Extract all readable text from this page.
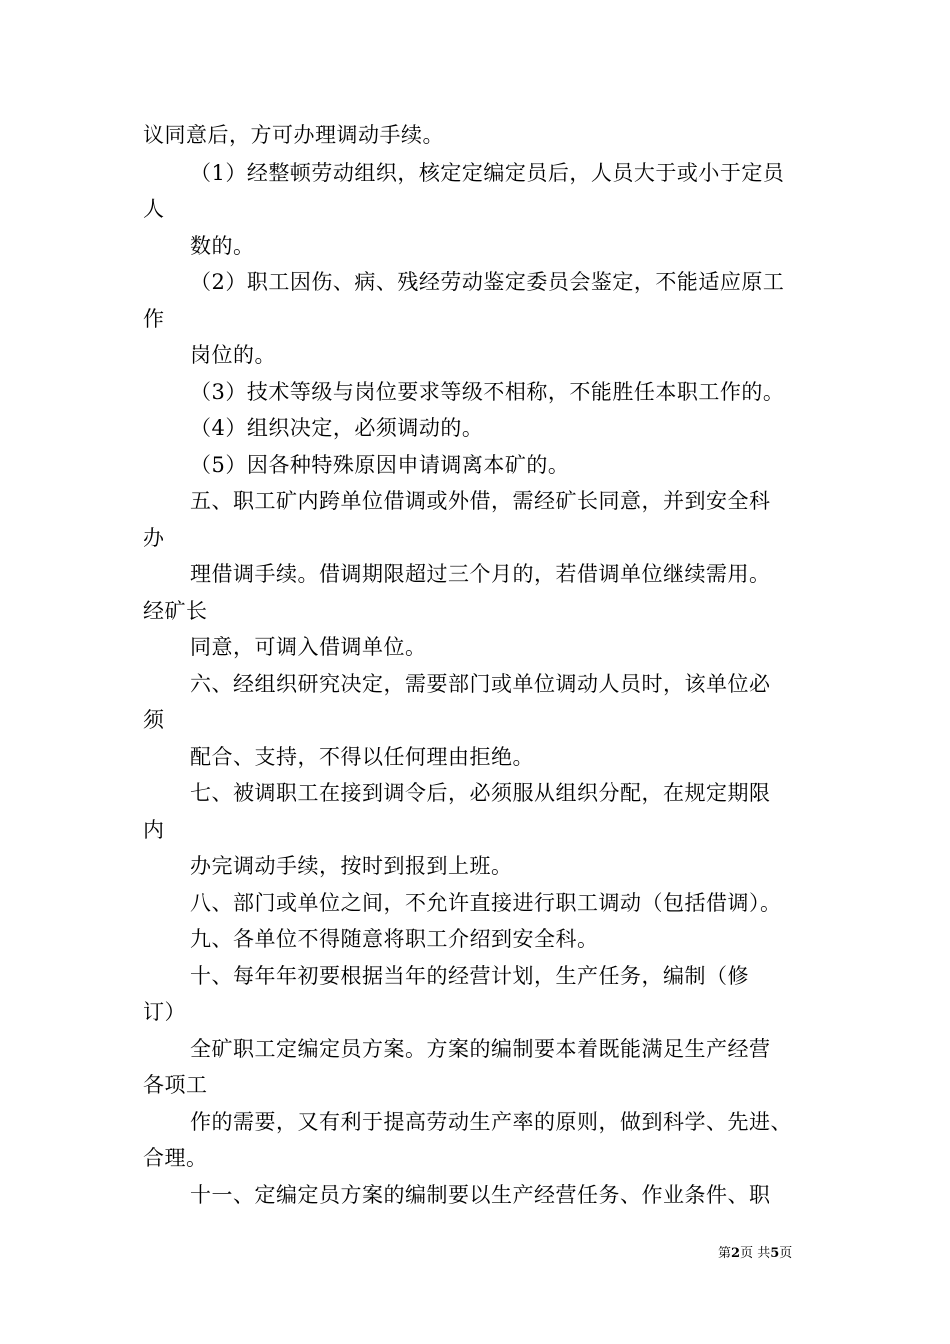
议同意后，方可办理调动手续。
（1）经整顿劳动组织，核定定编定员后，人员大于或小于定员
人
数的。
（2）职工因伤、病、残经劳动鉴定委员会鉴定，不能适应原工
作
岗位的。
（3）技术等级与岗位要求等级不相称，不能胜任本职工作的。
（4）组织决定，必须调动的。
（5）因各种特殊原因申请调离本矿的。
五、职工矿内跨单位借调或外借，需经矿长同意，并到安全科
办
理借调手续。借调期限超过三个月的，若借调单位继续需用。
经矿长
同意，可调入借调单位。
六、经组织研究决定，需要部门或单位调动人员时，该单位必
须
配合、支持，不得以任何理由拒绝。
七、被调职工在接到调令后，必须服从组织分配，在规定期限
内
办完调动手续，按时到报到上班。
八、部门或单位之间，不允许直接进行职工调动（包括借调）。
九、各单位不得随意将职工介绍到安全科。
十、每年年初要根据当年的经营计划，生产任务，编制（修
订）
全矿职工定编定员方案。方案的编制要本着既能满足生产经营
各项工
作的需要，又有利于提高劳动生产率的原则，做到科学、先进、
合理。
十一、定编定员方案的编制要以生产经营任务、作业条件、职
第2页 共5页
